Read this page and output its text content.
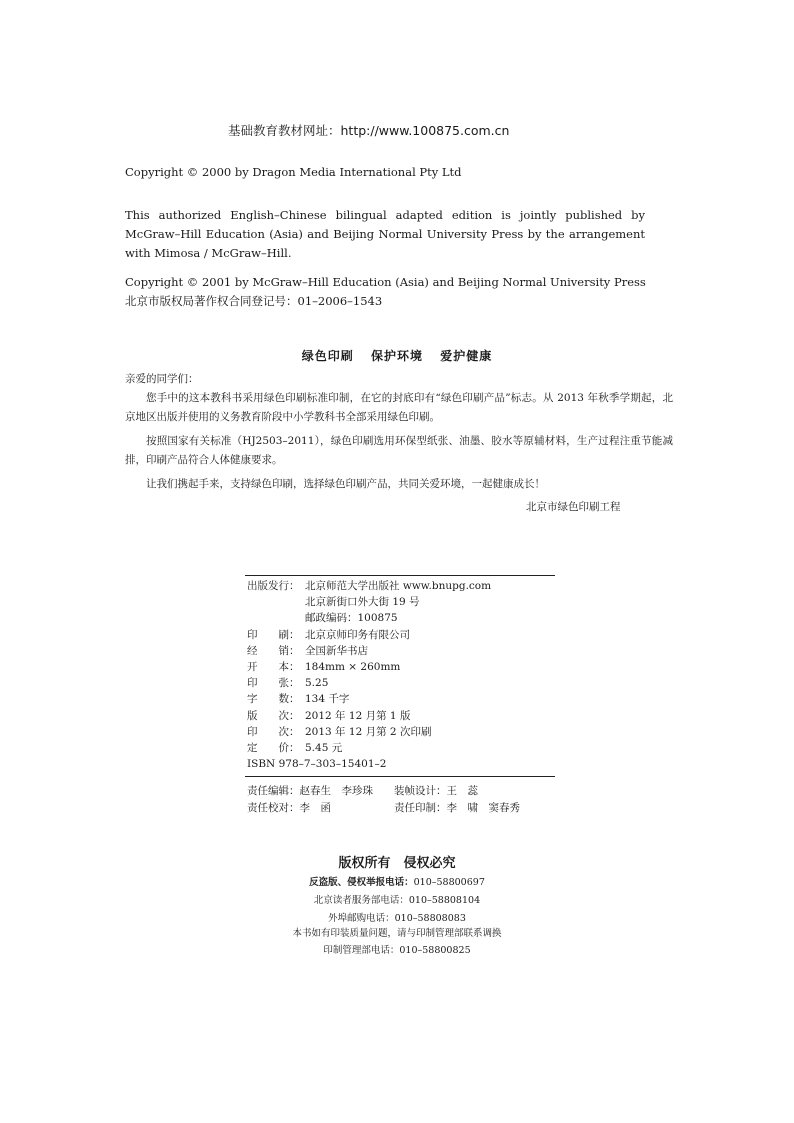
基础教育教材网址：http://www.100875.com.cn
Copyright © 2000 by Dragon Media International Pty Ltd
This authorized English–Chinese bilingual adapted edition is jointly published by McGraw–Hill Education (Asia) and Beijing Normal University Press by the arrangement with Mimosa / McGraw–Hill.
Copyright © 2001 by McGraw–Hill Education (Asia) and Beijing Normal University Press
北京市版权局著作权合同登记号：01–2006–1543
绿色印刷 保护环境 爱护健康
亲爱的同学们：
您手中的这本教科书采用绿色印刷标准印制，在它的封底印有“绿色印刷产品”标志。从 2013 年秋季学期起，北京地区出版并使用的义务教育阶段中小学教科书全部采用绿色印刷。
按照国家有关标准（HJ2503–2011），绿色印刷选用环保型纸张、油墨、胶水等原辅材料，生产过程注重节能减排，印刷产品符合人体健康要求。
让我们携起手来，支持绿色印刷，选择绿色印刷产品，共同关爱环境，一起健康成长！
北京市绿色印刷工程
出版发行： 北京师范大学出版社 www.bnupg.com
北京新街口外大街 19 号
邮政编码：100875
印　　刷： 北京京师印务有限公司
经　　销： 全国新华书店
开　　本： 184mm × 260mm
印　　张： 5.25
字　　数： 134 千字
版　　次： 2012 年 12 月第 1 版
印　　次： 2013 年 12 月第 2 次印刷
定　　价： 5.45 元
ISBN 978–7–303–15401–2
责任编辑：赵春生　李珍珠　　装帧设计：王　蕊
责任校对：李　函　　　　　　责任印制：李　啸　窦春秀
版权所有　侵权必究
反盗版、侵权举报电话：010–58800697
北京读者服务部电话：010–58808104
外埠邮购电话：010–58808083
本书如有印装质量问题，请与印制管理部联系调换
印制管理部电话：010–58800825
